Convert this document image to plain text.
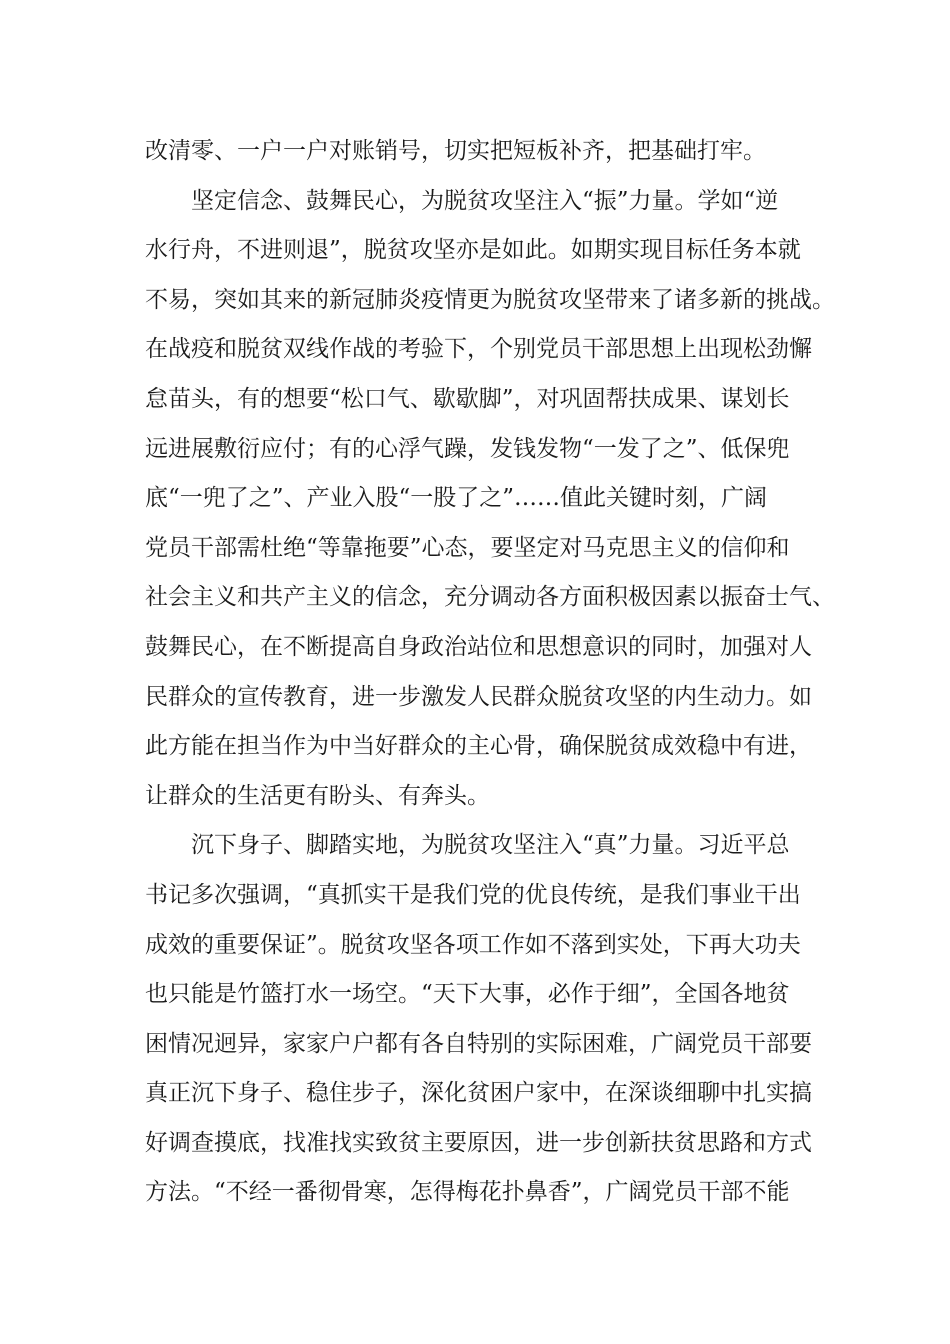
改清零、一户一户对账销号，切实把短板补齐，把基础打牢。
　　坚定信念、鼓舞民心，为脱贫攻坚注入“振”力量。学如“逆
水行舟，不进则退”，脱贫攻坚亦是如此。如期实现目标任务本就
不易，突如其来的新冠肺炎疫情更为脱贫攻坚带来了诸多新的挑战。
在战疫和脱贫双线作战的考验下，个别党员干部思想上出现松劲懈
怠苗头，有的想要“松口气、歇歇脚”，对巩固帮扶成果、谋划长
远进展敷衍应付；有的心浮气躁，发钱发物“一发了之”、低保兜
底“一兜了之”、产业入股“一股了之”……值此关键时刻，广阔
党员干部需杜绝“等靠拖要”心态，要坚定对马克思主义的信仰和
社会主义和共产主义的信念，充分调动各方面积极因素以振奋士气、
鼓舞民心，在不断提高自身政治站位和思想意识的同时，加强对人
民群众的宣传教育，进一步激发人民群众脱贫攻坚的内生动力。如
此方能在担当作为中当好群众的主心骨，确保脱贫成效稳中有进，
让群众的生活更有盼头、有奔头。
　　沉下身子、脚踏实地，为脱贫攻坚注入“真”力量。习近平总
书记多次强调，“真抓实干是我们党的优良传统，是我们事业干出
成效的重要保证”。脱贫攻坚各项工作如不落到实处，下再大功夫
也只能是竹篮打水一场空。“天下大事，必作于细”，全国各地贫
困情况迥异，家家户户都有各自特别的实际困难，广阔党员干部要
真正沉下身子、稳住步子，深化贫困户家中，在深谈细聊中扎实搞
好调查摸底，找准找实致贫主要原因，进一步创新扶贫思路和方式
方法。“不经一番彻骨寒，怎得梅花扑鼻香”，广阔党员干部不能
